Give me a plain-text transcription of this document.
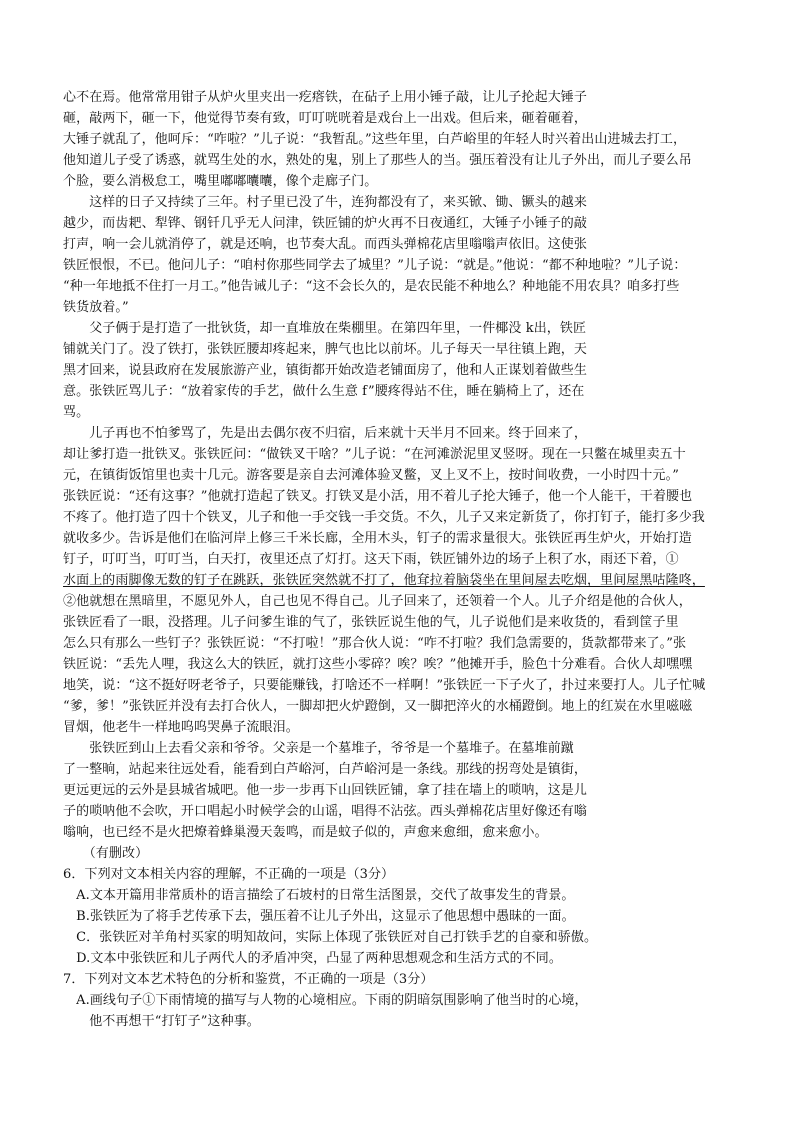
心不在焉。他常常用钳子从炉火里夹出一疙瘩铁，在砧子上用小锤子敲，让儿子抡起大锤子
砸，敲两下，砸一下，他觉得节奏有致，叮叮咣咣着是戏台上一出戏。但后来，砸着砸着，
大锤子就乱了，他呵斥：“咋啦？”儿子说：“我暂乱。”这些年里，白芦峪里的年轻人时兴着出山进城去打工，
他知道儿子受了诱惑，就骂生处的水，熟处的鬼，别上了那些人的当。强压着没有让儿子外出，而儿子要么吊
个脸，要么消极怠工，嘴里嘟嘟囔囔，像个走廊子门。
　　这样的日子又持续了三年。村子里已没了牛，连狗都没有了，来买锨、锄、镢头的越来
越少，而齿耙、犁铧、钢钎几乎无人问津，铁匠铺的炉火再不日夜通红，大锤子小锤子的敲
打声，响一会儿就消停了，就是还响，也节奏大乱。而西头弹棉花店里嗡嗡声依旧。这使张
铁匠恨恨，不已。他问儿子：“咱村你那些同学去了城里？”儿子说：“就是。”他说：“都不种地啦？”儿子说：
“种一年地抵不住打一月工。”他告诫儿子：“这不会长久的，是农民能不种地么？种地能不用农具？咱多打些
铁货放着。”
　　父子俩于是打造了一批钬货，却一直堆放在柴棚里。在第四年里，一件椰没 k出，铁匠
铺就关门了。没了铁打，张铁匠腰却疼起来，脾气也比以前坏。儿子每天一早往镇上跑，天
黑才回来，说县政府在发展旅游产业，镇街都开始改造老铺面房了，他和人正谋划着做些生
意。张铁匠骂儿子：“放着家传的手艺，做什么生意 f”腰疼得站不住，睡在躺椅上了，还在
骂。
　　儿子再也不怕爹骂了，先是出去偶尔夜不归宿，后来就十天半月不回来。终于回来了，
却让爹打造一批铁叉。张铁匠问：“做铁叉干啥？”儿子说：“在河滩淤泥里叉竖呀。现在一只鳖在城里卖五十
元，在镇街饭馆里也卖十几元。游客要是亲自去河滩体验叉鳖，叉上叉不上，按时间收费，一小时四十元。”
张铁匠说：“还有这事？”他就打造起了铁叉。打铁叉是小活，用不着儿子抡大锤子，他一个人能干，干着腰也
不疼了。他打造了四十个铁叉，儿子和他一手交钱一手交货。不久，儿子又来定新货了，你打钉子，能打多少我
就收多少。告诉是他们在临河岸上修三千米长廊，全用木头，钉子的需求量很大。张铁匠再生炉火，开始打造
钉子，叮叮当，叮叮当，白天打，夜里还点了灯打。这天下雨，铁匠铺外边的场子上积了水，雨还下着，①
水面上的雨脚像无数的钉子在跳跃，张铁匠突然就不打了，他耷拉着脑袋坐在里间屋去吃烟，里间屋黑咕隆咚，
②他就想在黑暗里，不愿见外人，自己也见不得自己。儿子回来了，还领着一个人。儿子介绍是他的合伙人，
张铁匠看了一眼，没搭理。儿子问爹生谁的气了，张铁匠说生他的气，儿子说他们是来收货的，看到筐子里
怎么只有那么一些钉子？张铁匠说：“不打啦！”那合伙人说：“咋不打啦？我们急需要的，货款都带来了。”张
铁匠说：“丢先人哩，我这么大的铁匠，就打这些小零碎？唉？唉？”他摊开手，脸色十分难看。合伙人却嘿嘿
地笑，说：“这不挺好呀老爷子，只要能赚钱，打啥还不一样啊！”张铁匠一下子火了，扑过来要打人。儿子忙喊
“爹，爹！”张铁匠并没有去打合伙人，一脚却把火炉蹬倒，又一脚把淬火的水桶蹬倒。地上的红炭在水里嗞嗞
冒烟，他老牛一样地呜呜哭鼻子流眼泪。
　　张铁匠到山上去看父亲和爷爷。父亲是一个墓堆子，爷爷是一个墓堆子。在墓堆前蹴
了一整晌，站起来往远处看，能看到白芦峪河，白芦峪河是一条线。那线的拐弯处是镇街，
更远更远的云外是县城省城吧。他一步一步再下山回铁匠铺，拿了挂在墙上的唢呐，这是儿
子的唢呐他不会吹，开口唱起小时候学会的山谣，唱得不沾弦。西头弹棉花店里好像还有嗡
嗡响，也已经不是火把燎着蜂巢漫天轰鸣，而是蚊子似的，声愈来愈细，愈来愈小。
　　（有删改）
6．下列对文本相关内容的理解，不正确的一项是（3分）
　A.文本开篇用非常质朴的语言描绘了石坡村的日常生活图景，交代了故事发生的背景。
　B.张铁匠为了将手艺传承下去，强压着不让儿子外出，这显示了他思想中愚昧的一面。
　C．张铁匠对羊角村买家的明知故问，实际上体现了张铁匠对自己打铁手艺的自豪和骄傲。
　D.文本中张铁匠和儿子两代人的矛盾冲突，凸显了两种思想观念和生活方式的不同。
7．下列对文本艺术特色的分析和鉴赏，不正确的一项是（3分）
　A.画线句子①下雨情境的描写与人物的心境相应。下雨的阴暗氛围影响了他当时的心境，
　　他不再想干“打钉子”这种事。
